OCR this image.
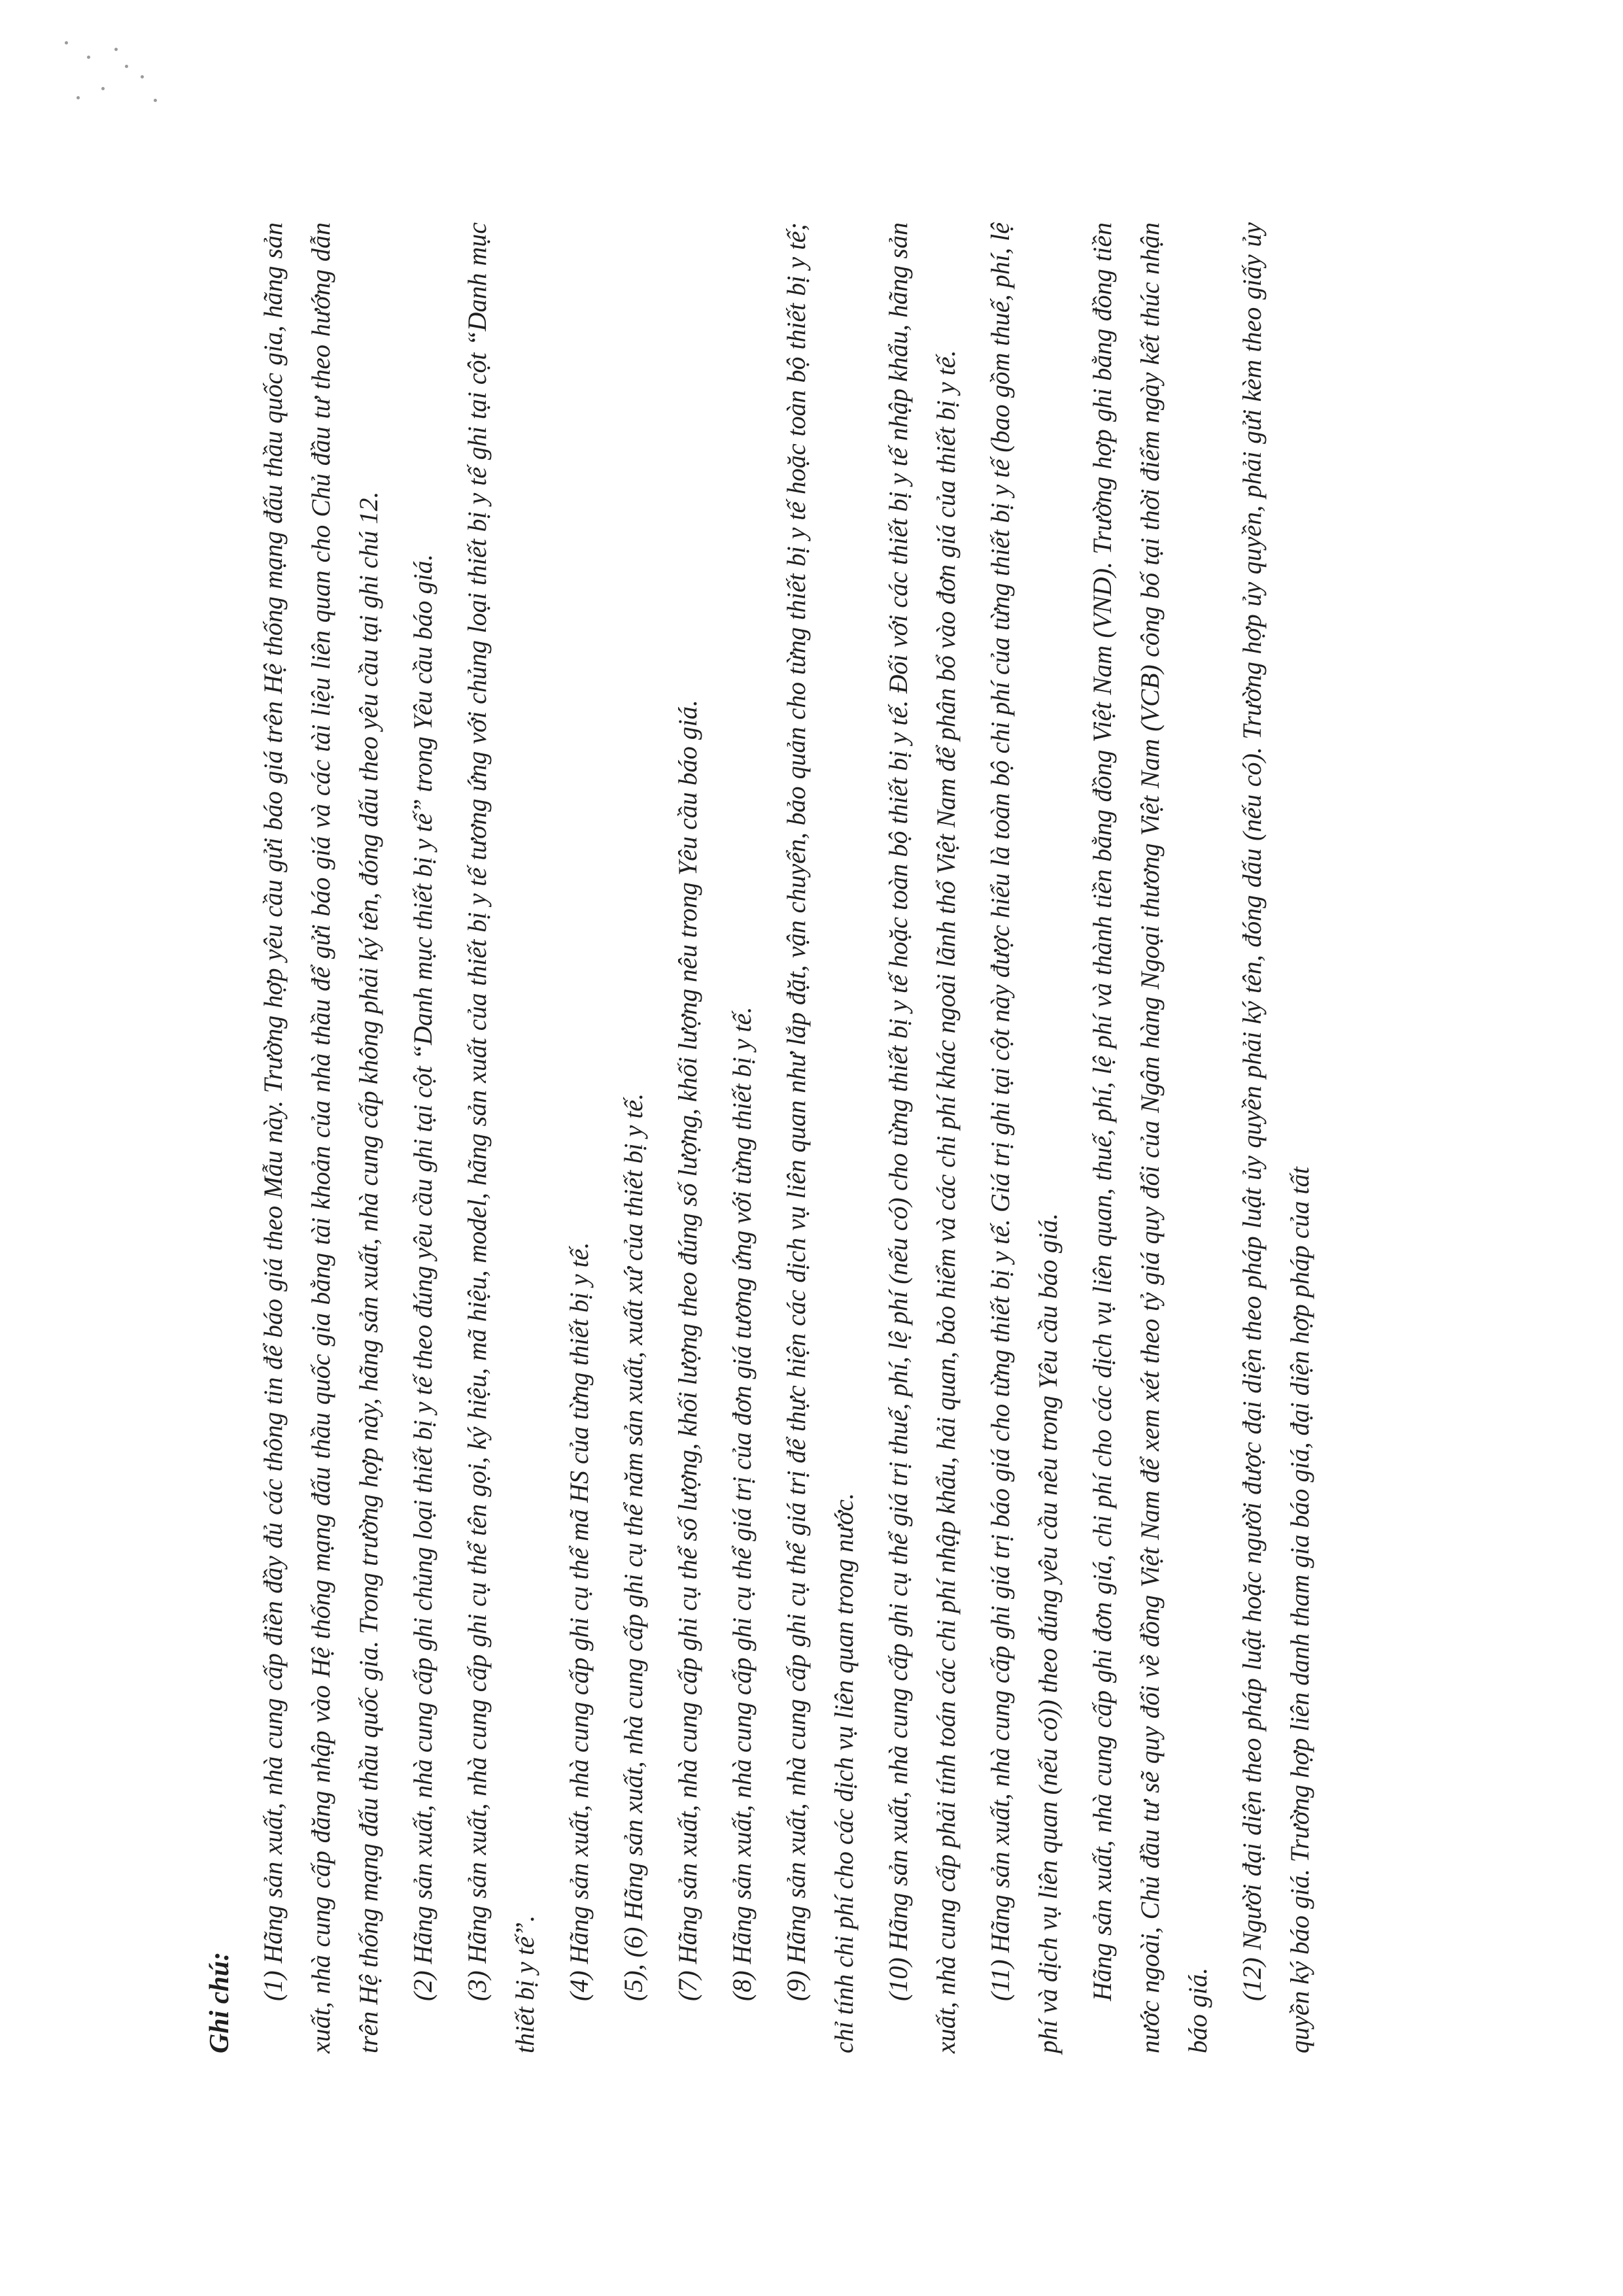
Ghi chú:

(1) Hãng sản xuất, nhà cung cấp điền đầy đủ các thông tin để báo giá theo Mẫu này. Trường hợp yêu cầu gửi báo giá trên Hệ thống mạng đấu thầu quốc gia, hãng sản xuất, nhà cung cấp đăng nhập vào Hệ thống mạng đấu thầu quốc gia bằng tài khoản của nhà thầu để gửi báo giá và các tài liệu liên quan cho Chủ đầu tư theo hướng dẫn trên Hệ thống mạng đấu thầu quốc gia. Trong trường hợp này, hãng sản xuất, nhà cung cấp không phải ký tên, đóng dấu theo yêu cầu tại ghi chú 12. (2) Hãng sản xuất, nhà cung cấp ghi chủng loại thiết bị y tế theo đúng yêu cầu ghi tại cột “Danh mục thiết bị y tế” trong Yêu cầu báo giá. (3) Hãng sản xuất, nhà cung cấp ghi cụ thể tên gọi, ký hiệu, mã hiệu, model, hãng sản xuất của thiết bị y tế tương ứng với chủng loại thiết bị y tế ghi tại cột “Danh mục thiết bị y tế”. (4) Hãng sản xuất, nhà cung cấp ghi cụ thể mã HS của từng thiết bị y tế. (5), (6) Hãng sản xuất, nhà cung cấp ghi cụ thể năm sản xuất, xuất xứ của thiết bị y tế. (7) Hãng sản xuất, nhà cung cấp ghi cụ thể số lượng, khối lượng theo đúng số lượng, khối lượng nêu trong Yêu cầu báo giá. (8) Hãng sản xuất, nhà cung cấp ghi cụ thể giá trị của đơn giá tương ứng với từng thiết bị y tế. (9) Hãng sản xuất, nhà cung cấp ghi cụ thể giá trị để thực hiện các dịch vụ liên quan như lắp đặt, vận chuyển, bảo quản cho từng thiết bị y tế hoặc toàn bộ thiết bị y tế; chỉ tính chi phí cho các dịch vụ liên quan trong nước. (10) Hãng sản xuất, nhà cung cấp ghi cụ thể giá trị thuế, phí, lệ phí (nếu có) cho từng thiết bị y tế hoặc toàn bộ thiết bị y tế. Đối với các thiết bị y tế nhập khẩu, hãng sản xuất, nhà cung cấp phải tính toán các chi phí nhập khẩu, hải quan, bảo hiểm và các chi phí khác ngoài lãnh thổ Việt Nam để phân bổ vào đơn giá của thiết bị y tế. (11) Hãng sản xuất, nhà cung cấp ghi giá trị báo giá cho từng thiết bị y tế. Giá trị ghi tại cột này được hiểu là toàn bộ chi phí của từng thiết bị y tế (bao gồm thuế, phí, lệ phí và dịch vụ liên quan (nếu có)) theo đúng yêu cầu nêu trong Yêu cầu báo giá. Hãng sản xuất, nhà cung cấp ghi đơn giá, chi phí cho các dịch vụ liên quan, thuế, phí, lệ phí và thành tiền bằng đồng Việt Nam (VND). Trường hợp ghi bằng đồng tiền nước ngoài, Chủ đầu tư sẽ quy đổi về đồng Việt Nam để xem xét theo tỷ giá quy đổi của Ngân hàng Ngoại thương Việt Nam (VCB) công bố tại thời điểm ngày kết thúc nhận báo giá.

(12) Người đại diện theo pháp luật hoặc người được đại diện theo pháp luật ủy quyền phải ký tên, đóng dấu (nếu có). Trường hợp ủy quyền, phải gửi kèm theo giấy ủy quyền ký báo giá. Trường hợp liên danh tham gia báo giá, đại diện hợp pháp của tất
